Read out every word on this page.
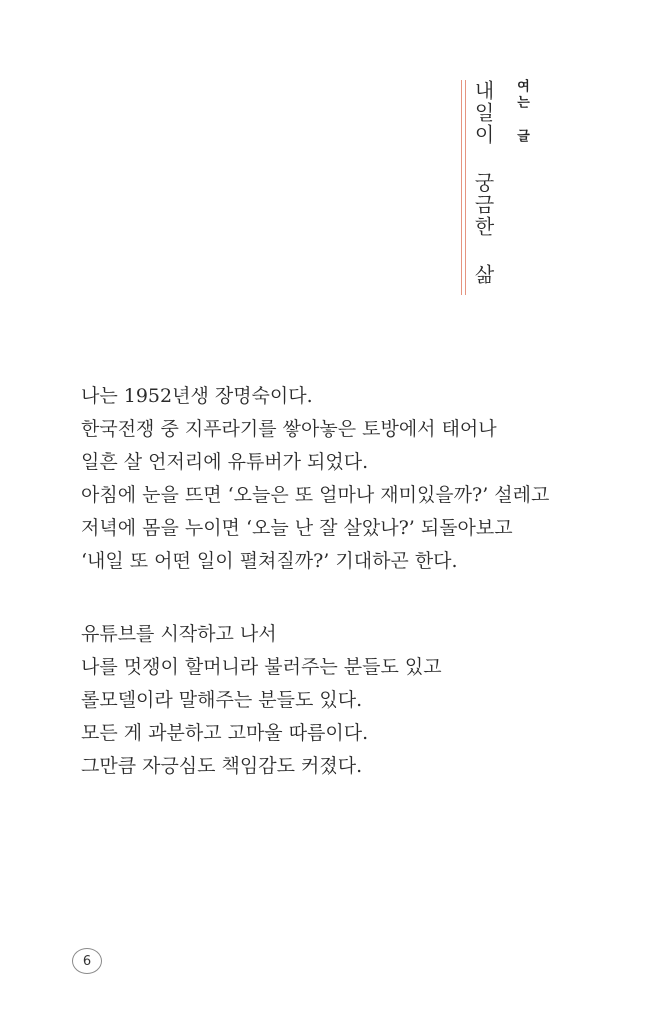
내일이 궁금한 삶 여는 글
나는 1952년생 장명숙이다.
한국전쟁 중 지푸라기를 쌓아놓은 토방에서 태어나
일흔 살 언저리에 유튜버가 되었다.
아침에 눈을 뜨면 ‘오늘은 또 얼마나 재미있을까?’ 설레고
저녁에 몸을 누이면 ‘오늘 난 잘 살았나?’ 되돌아보고
‘내일 또 어떤 일이 펼쳐질까?’ 기대하곤 한다.
유튜브를 시작하고 나서
나를 멋쟁이 할머니라 불러주는 분들도 있고
롤모델이라 말해주는 분들도 있다.
모든 게 과분하고 고마울 따름이다.
그만큼 자긍심도 책임감도 커졌다.
6
